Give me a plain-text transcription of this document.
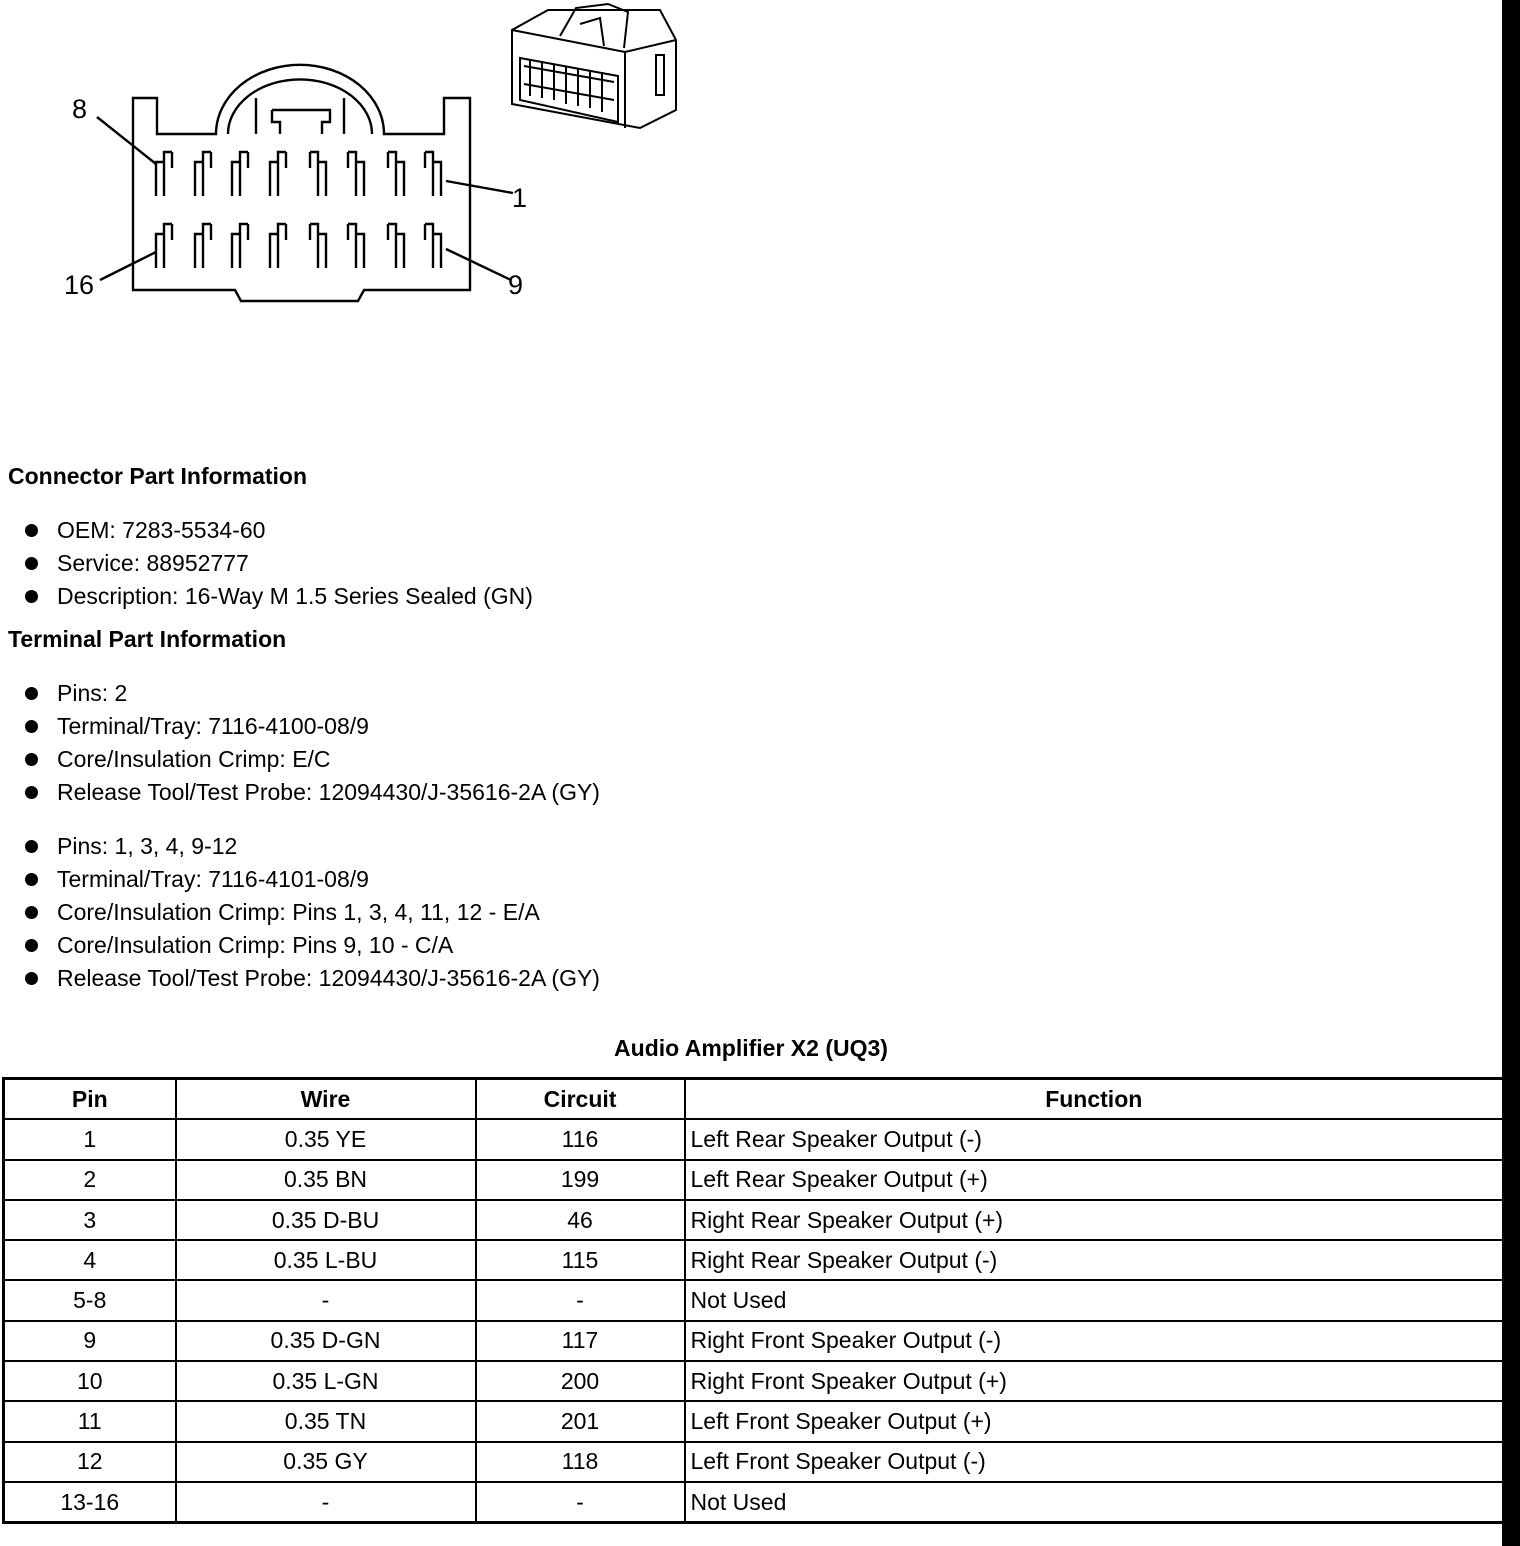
8
1
16	9
Connector Part Information
OEM: 7283-5534-60
Service: 88952777
Description: 16-Way M 1.5 Series Sealed (GN)
Terminal Part Information
Pins: 2
Terminal/Tray: 7116-4100-08/9
Core/Insulation Crimp: E/C
Release Tool/Test Probe: 12094430/J-35616-2A (GY)
Pins: 1, 3, 4, 9-12
Terminal/Tray: 7116-4101-08/9
Core/Insulation Crimp: Pins 1, 3, 4, 11, 12 - E/A
Core/Insulation Crimp: Pins 9, 10 - C/A
Release Tool/Test Probe: 12094430/J-35616-2A (GY)
Audio Amplifier X2 (UQ3)
Pin	Wire	Circuit	Function
1	0.35 YE	116	Left Rear Speaker Output (-)
2	0.35 BN	199	Left Rear Speaker Output (+)
3	0.35 D-BU	46	Right Rear Speaker Output (+)
4	0.35 L-BU	115	Right Rear Speaker Output (-)
5-8	-	-	Not Used
9	0.35 D-GN	117	Right Front Speaker Output (-)
10	0.35 L-GN	200	Right Front Speaker Output (+)
11	0.35 TN	201	Left Front Speaker Output (+)
12	0.35 GY	118	Left Front Speaker Output (-)
13-16	-	-	Not Used
